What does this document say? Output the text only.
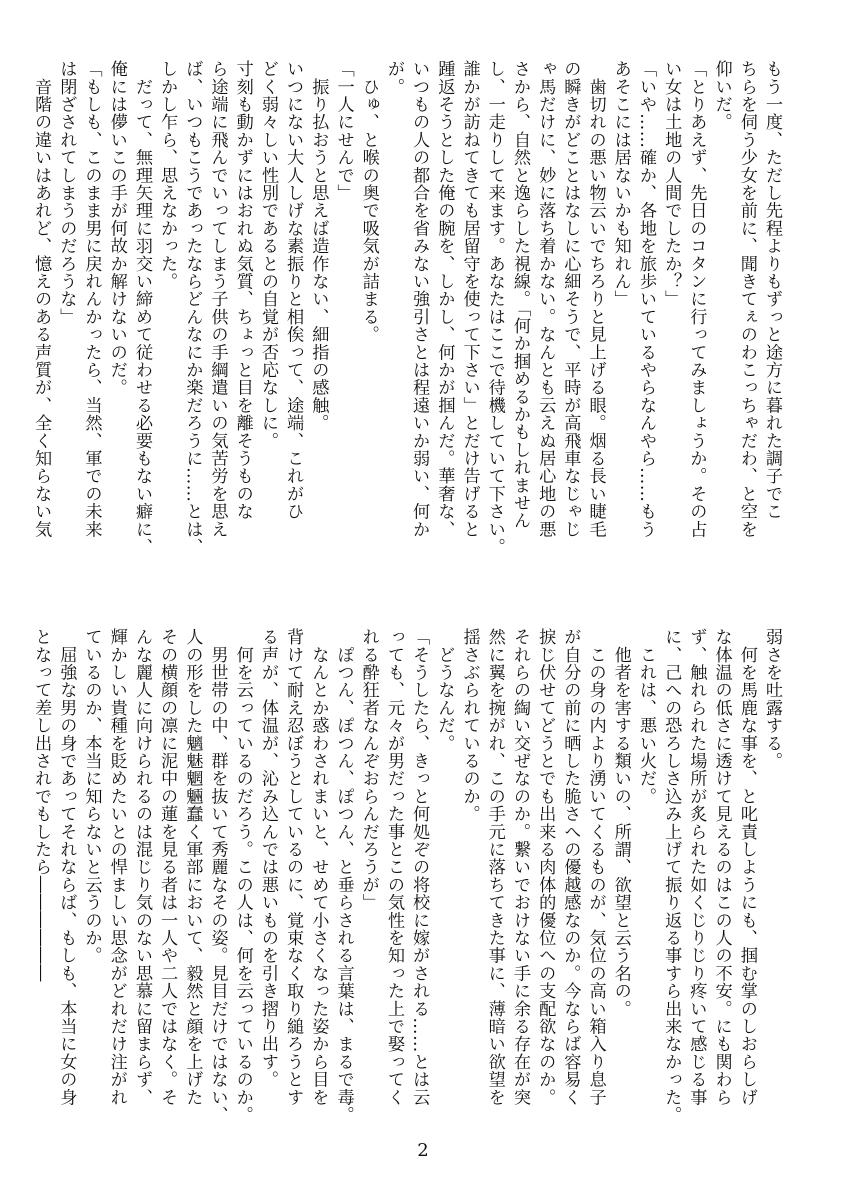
もう一度、ただし先程よりもずっと途方に暮れた調子でこ
ちらを伺う少女を前に、聞きてぇのわこっちゃだわ、と空を
仰いだ。
「とりあえず、先日のコタンに行ってみましょうか。その占
い女は土地の人間でしたか？」
「いや……確か、各地を旅歩いているやらなんやら……もう
あそこには居ないかも知れん」
　歯切れの悪い物云いでちろりと見上げる眼。烟る長い睫毛
の瞬きがどことはなしに心細そうで、平時が高飛車なじゃじ
ゃ馬だけに、妙に落ち着かない。なんとも云えぬ居心地の悪
さから、自然と逸らした視線。「何か掴めるかもしれません
し、一走りして来ます。あなたはここで待機していて下さい。
誰かが訪ねてきても居留守を使って下さい」とだけ告げると
踵返そうとした俺の腕を、しかし、何かが掴んだ。華奢な、
いつもの人の都合を省みない強引さとは程遠いか弱い、何か
が。
　ひゅ、と喉の奥で吸気が詰まる。
「一人にせんで」
　振り払おうと思えば造作ない、細指の感触。
いつにない大人しげな素振りと相俟って、途端、これがひ
どく弱々しい性別であるとの自覚が否応なしに。
寸刻も動かずにはおれぬ気質、ちょっと目を離そうものな
ら途端に飛んでいってしまう子供の手綱遣いの気苦労を思え
ば、いつもこうであったならどんなにか楽だろうに……とは、
しかし乍ら、思えなかった。
　だって、無理矢理に羽交い締めて従わせる必要もない癖に、
俺には儚いこの手が何故か解けないのだ。
「もしも、このまま男に戻れんかったら、当然、軍での未来
は閉ざされてしまうのだろうな」
　音階の違いはあれど、憶えのある声質が、全く知らない気
弱さを吐露する。
　何を馬鹿な事を、と叱責しようにも、掴む掌のしおらしげ
な体温の低さに透けて見えるのはこの人の不安。にも関わら
ず、触れられた場所が炙られた如くじりじり疼いて感じる事
に、己への恐ろしさ込み上げて振り返る事すら出来なかった。
　これは、悪い火だ。
　他者を害する類いの、所謂、欲望と云う名の。
　この身の内より湧いてくるものが、気位の高い箱入り息子
が自分の前に晒した脆さへの優越感なのか。今ならば容易く
捩じ伏せてどうとでも出来る肉体的優位への支配欲なのか。
それらの綯い交ぜなのか。繋いでおけない手に余る存在が突
然に翼を捥がれ、この手元に落ちてきた事に、薄暗い欲望を
揺さぶられているのか。
　どうなんだ。
「そうしたら、きっと何処ぞの将校に嫁がされる……とは云
っても、元々が男だった事とこの気性を知った上で娶ってく
れる酔狂者なんぞおらんだろうが」
　ぽつん、ぽつん、ぽつん、と垂らされる言葉は、まるで毒。
　なんとか惑わされまいと、せめて小さくなった姿から目を
背けて耐え忍ぼうとしているのに、覚束なく取り縋ろうとす
る声が、体温が、沁み込んでは悪いものを引き摺り出す。
　何を云っているのだろう。この人は、何を云っているのか。
　男世帯の中、群を抜いて秀麗なその姿。見目だけではない、
人の形をした魑魅魍魎蠢く軍部において、毅然と顔を上げた
その横顔の凛に泥中の蓮を見る者は一人や二人ではなく。そ
んな麗人に向けられるのは混じり気のない思慕に留まらず、
輝かしい貴種を貶めたいとの悍ましい思念がどれだけ注がれ
ているのか、本当に知らないと云うのか。
　屈強な男の身であってそれならば、もしも、本当に女の身
となって差し出されでもしたら――――――
2
